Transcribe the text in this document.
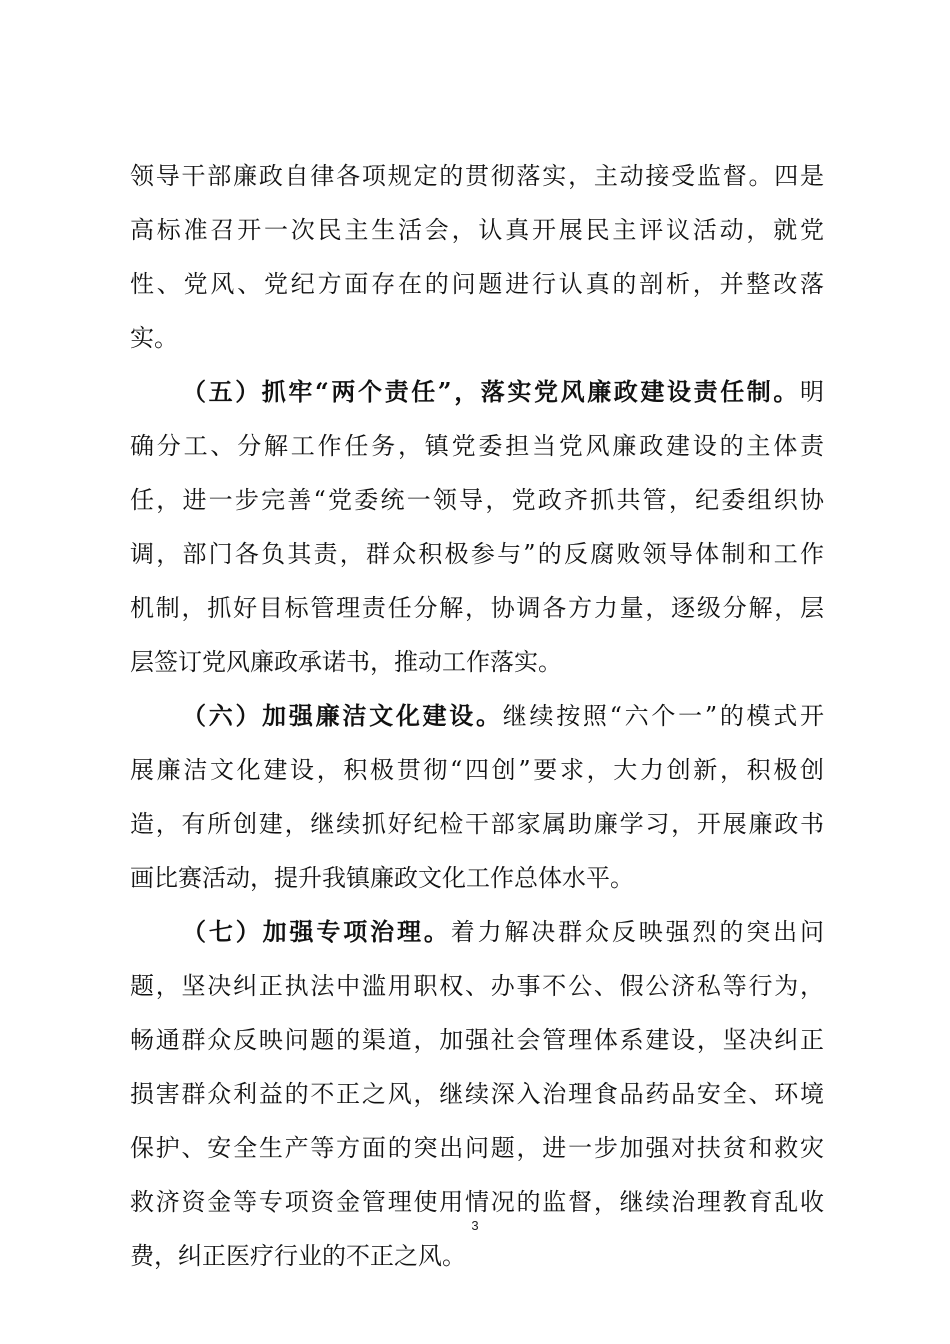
领导干部廉政自律各项规定的贯彻落实，主动接受监督。四是
高标准召开一次民主生活会，认真开展民主评议活动，就党
性、党风、党纪方面存在的问题进行认真的剖析，并整改落
实。
（五）抓牢“两个责任”，落实党风廉政建设责任制。明
确分工、分解工作任务，镇党委担当党风廉政建设的主体责
任，进一步完善“党委统一领导，党政齐抓共管，纪委组织协
调，部门各负其责，群众积极参与”的反腐败领导体制和工作
机制，抓好目标管理责任分解，协调各方力量，逐级分解，层
层签订党风廉政承诺书，推动工作落实。
（六）加强廉洁文化建设。继续按照“六个一”的模式开
展廉洁文化建设，积极贯彻“四创”要求，大力创新，积极创
造，有所创建，继续抓好纪检干部家属助廉学习，开展廉政书
画比赛活动，提升我镇廉政文化工作总体水平。
（七）加强专项治理。着力解决群众反映强烈的突出问
题，坚决纠正执法中滥用职权、办事不公、假公济私等行为，
畅通群众反映问题的渠道，加强社会管理体系建设，坚决纠正
损害群众利益的不正之风，继续深入治理食品药品安全、环境
保护、安全生产等方面的突出问题，进一步加强对扶贫和救灾
救济资金等专项资金管理使用情况的监督，继续治理教育乱收
费，纠正医疗行业的不正之风。
3
